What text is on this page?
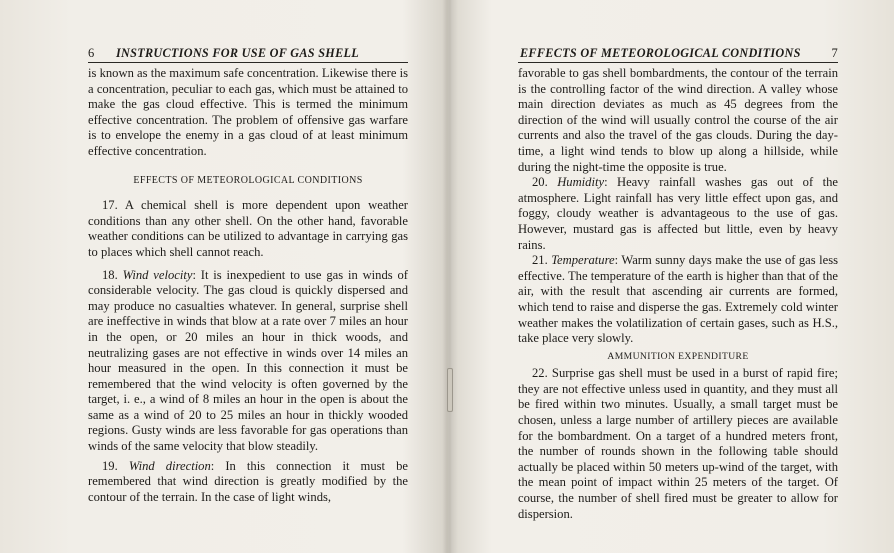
6 INSTRUCTIONS FOR USE OF GAS SHELL

is known as the maximum safe concentration. Likewise there is a concentration, peculiar to each gas, which must be attained to make the gas cloud effective. This is termed the minimum effective concentration. The problem of offensive gas warfare is to envelope the enemy in a gas cloud of at least minimum effective concentration.

EFFECTS OF METEOROLOGICAL CONDITIONS

17. A chemical shell is more dependent upon weather conditions than any other shell. On the other hand, favorable weather conditions can be utilized to advantage in carrying gas to places which shell cannot reach.

18. Wind velocity: It is inexpedient to use gas in winds of considerable velocity. The gas cloud is quickly dispersed and may produce no casualties whatever. In general, surprise shell are ineffective in winds that blow at a rate over 7 miles an hour in the open, or 20 miles an hour in thick woods, and neutralizing gases are not effective in winds over 14 miles an hour measured in the open. In this connection it must be remembered that the wind velocity is often governed by the target, i. e., a wind of 8 miles an hour in the open is about the same as a wind of 20 to 25 miles an hour in thickly wooded regions. Gusty winds are less favorable for gas operations than winds of the same velocity that blow steadily.

19. Wind direction: In this connection it must be remembered that wind direction is greatly modified by the contour of the terrain. In the case of light winds,

EFFECTS OF METEOROLOGICAL CONDITIONS 7

favorable to gas shell bombardments, the contour of the terrain is the controlling factor of the wind direction. A valley whose main direction deviates as much as 45 degrees from the direction of the wind will usually control the course of the air currents and also the travel of the gas clouds. During the day-time, a light wind tends to blow up along a hillside, while during the night-time the opposite is true.

20. Humidity: Heavy rainfall washes gas out of the atmosphere. Light rainfall has very little effect upon gas, and foggy, cloudy weather is advantageous to the use of gas. However, mustard gas is affected but little, even by heavy rains.

21. Temperature: Warm sunny days make the use of gas less effective. The temperature of the earth is higher than that of the air, with the result that ascending air currents are formed, which tend to raise and disperse the gas. Extremely cold winter weather makes the volatilization of certain gases, such as H.S., take place very slowly.

AMMUNITION EXPENDITURE

22. Surprise gas shell must be used in a burst of rapid fire; they are not effective unless used in quantity, and they must all be fired within two minutes. Usually, a small target must be chosen, unless a large number of artillery pieces are available for the bombardment. On a target of a hundred meters front, the number of rounds shown in the following table should actually be placed within 50 meters up-wind of the target, with the mean point of impact within 25 meters of the target. Of course, the number of shell fired must be greater to allow for dispersion.
